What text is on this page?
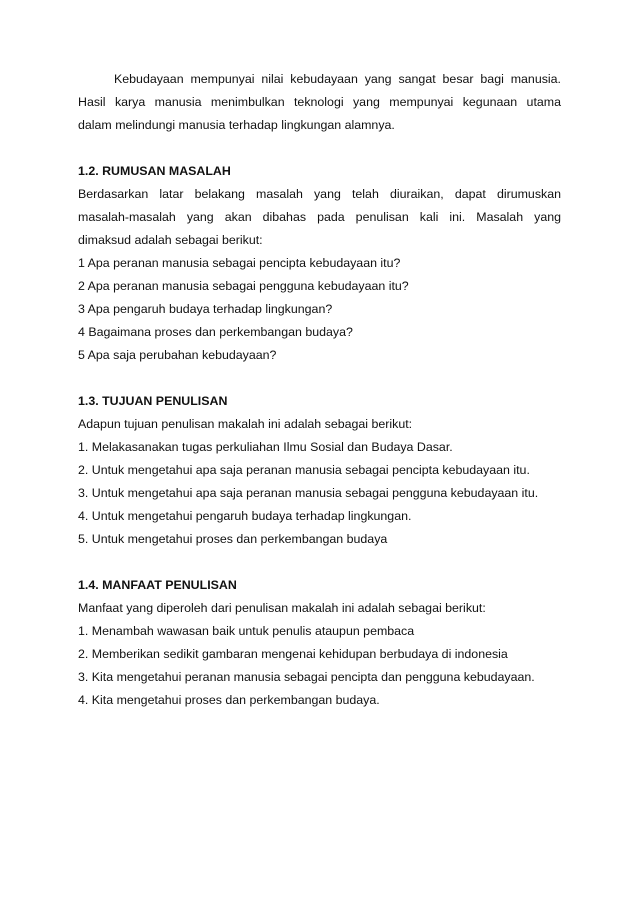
Kebudayaan mempunyai nilai kebudayaan yang sangat besar bagi manusia.

Hasil karya manusia menimbulkan teknologi yang mempunyai kegunaan utama

dalam melindungi manusia terhadap lingkungan alamnya.

1.2. RUMUSAN MASALAH

Berdasarkan latar belakang masalah yang telah diuraikan, dapat dirumuskan

masalah-masalah yang akan dibahas pada penulisan kali ini. Masalah yang

dimaksud adalah sebagai berikut:

1 Apa peranan manusia sebagai pencipta kebudayaan itu?

2 Apa peranan manusia sebagai pengguna kebudayaan itu?

3 Apa pengaruh budaya terhadap lingkungan?

4 Bagaimana proses dan perkembangan budaya?

5 Apa saja perubahan kebudayaan?

1.3. TUJUAN PENULISAN

Adapun tujuan penulisan makalah ini adalah sebagai berikut:

1. Melakasanakan tugas perkuliahan Ilmu Sosial dan Budaya Dasar.

2. Untuk mengetahui apa saja peranan manusia sebagai pencipta kebudayaan itu.

3. Untuk mengetahui apa saja peranan manusia sebagai pengguna kebudayaan itu.

4. Untuk mengetahui pengaruh budaya terhadap lingkungan.

5. Untuk mengetahui proses dan perkembangan budaya

1.4. MANFAAT PENULISAN

Manfaat yang diperoleh dari penulisan makalah ini adalah sebagai berikut:

1. Menambah wawasan baik untuk penulis ataupun pembaca

2. Memberikan sedikit gambaran mengenai kehidupan berbudaya di indonesia

3. Kita mengetahui peranan manusia sebagai pencipta dan pengguna kebudayaan.

4. Kita mengetahui proses dan perkembangan budaya.
